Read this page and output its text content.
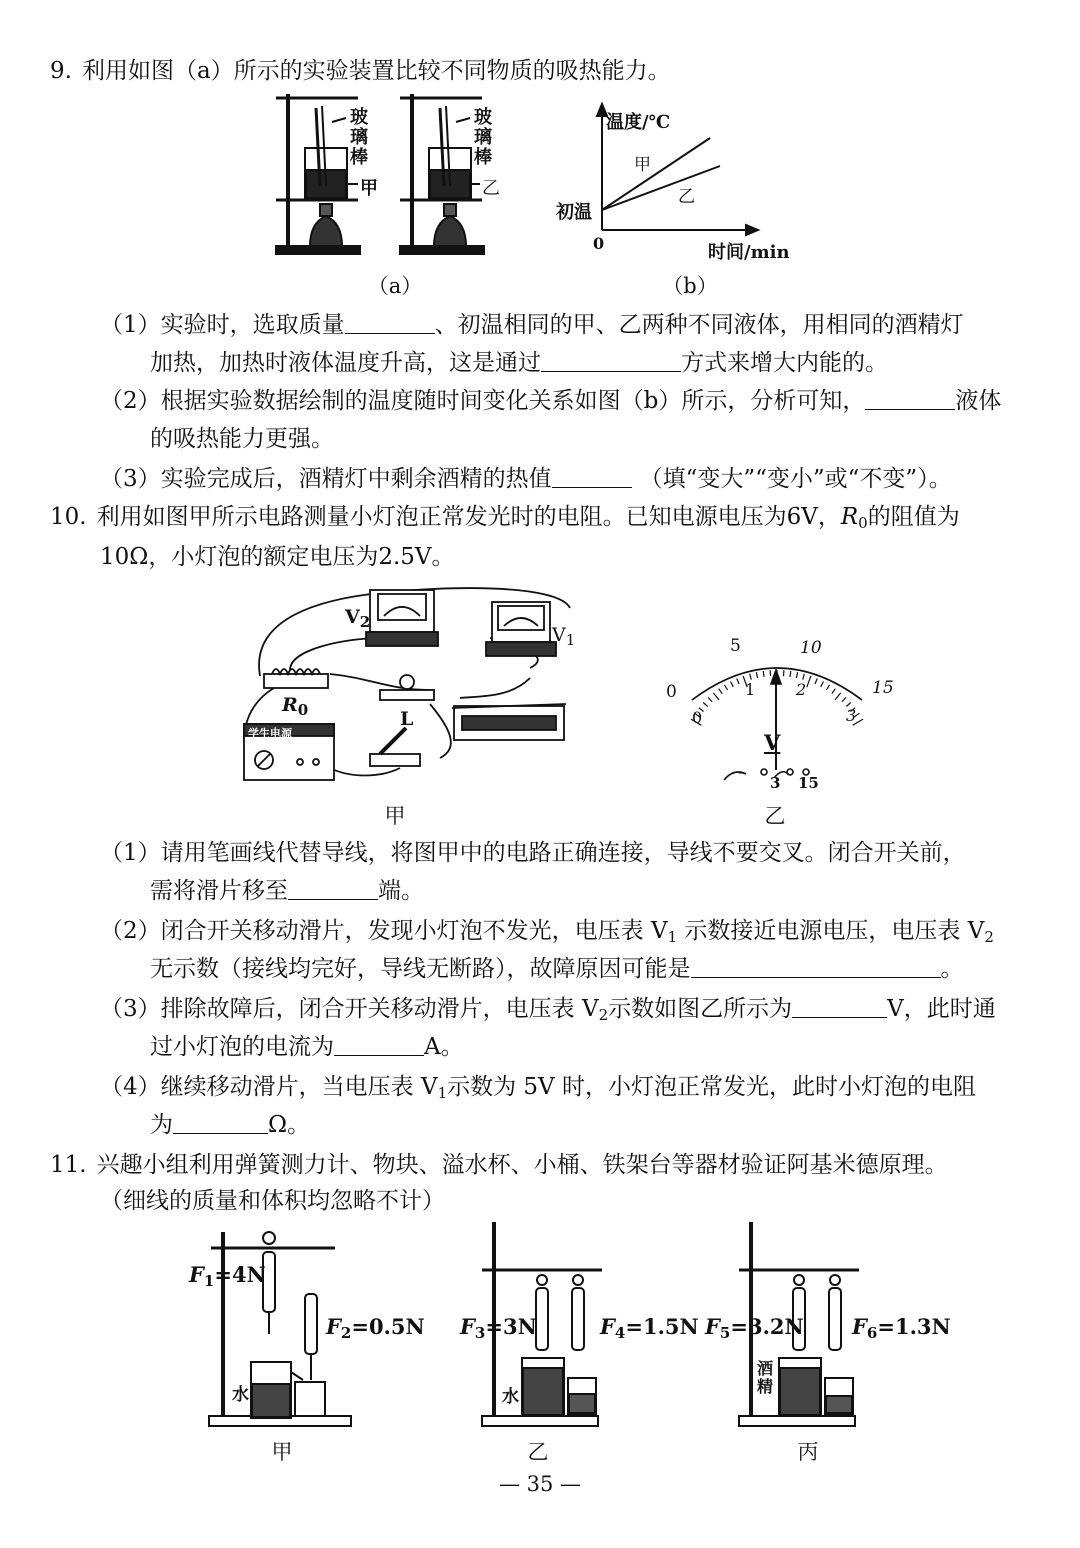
9. 利用如图（a）所示的实验装置比较不同物质的吸热能力。
玻璃棒
玻璃棒
甲	乙
（a）
温度/℃
甲
乙
初温
0	时间/min
（b）
（1）实验时，选取质量	、初温相同的甲、乙两种不同液体，用相同的酒精灯
加热，加热时液体温度升高，这是通过	方式来增大内能的。
（2）根据实验数据绘制的温度随时间变化关系如图（b）所示，分析可知，	液体
的吸热能力更强。
（3）实验完成后，酒精灯中剩余酒精的热值	（填“变大”“变小”或“不变”）。
10. 利用如图甲所示电路测量小灯泡正常发光时的电阻。已知电源电压为6V，$R_0$的阻值为
10Ω，小灯泡的额定电压为2.5V。
$V_2$
$V_1$
$R_0$	L
学生电源
甲
5	10
0	15
1	2
0	3
V
-
3 15
乙
（1）请用笔画线代替导线，将图甲中的电路正确连接，导线不要交叉。闭合开关前，
需将滑片移至	端。
（2）闭合开关移动滑片，发现小灯泡不发光，电压表 $V_1$ 示数接近电源电压，电压表 $V_2$
无示数（接线均完好，导线无断路），故障原因可能是	。
（3）排除故障后，闭合开关移动滑片，电压表 $V_2$示数如图乙所示为	V，此时通
过小灯泡的电流为	A。
（4）继续移动滑片，当电压表 $V_1$示数为 5V 时，小灯泡正常发光，此时小灯泡的电阻
为	Ω。
11. 兴趣小组利用弹簧测力计、物块、溢水杯、小桶、铁架台等器材验证阿基米德原理。
（细线的质量和体积均忽略不计）
$F_1=4N$
$F_2=0.5N$
水
甲
$F_3=3N$	$F_4=1.5N$
水
乙
$F_5=3.2N$ $F_6=1.3N$
酒精
丙
— 35 —
